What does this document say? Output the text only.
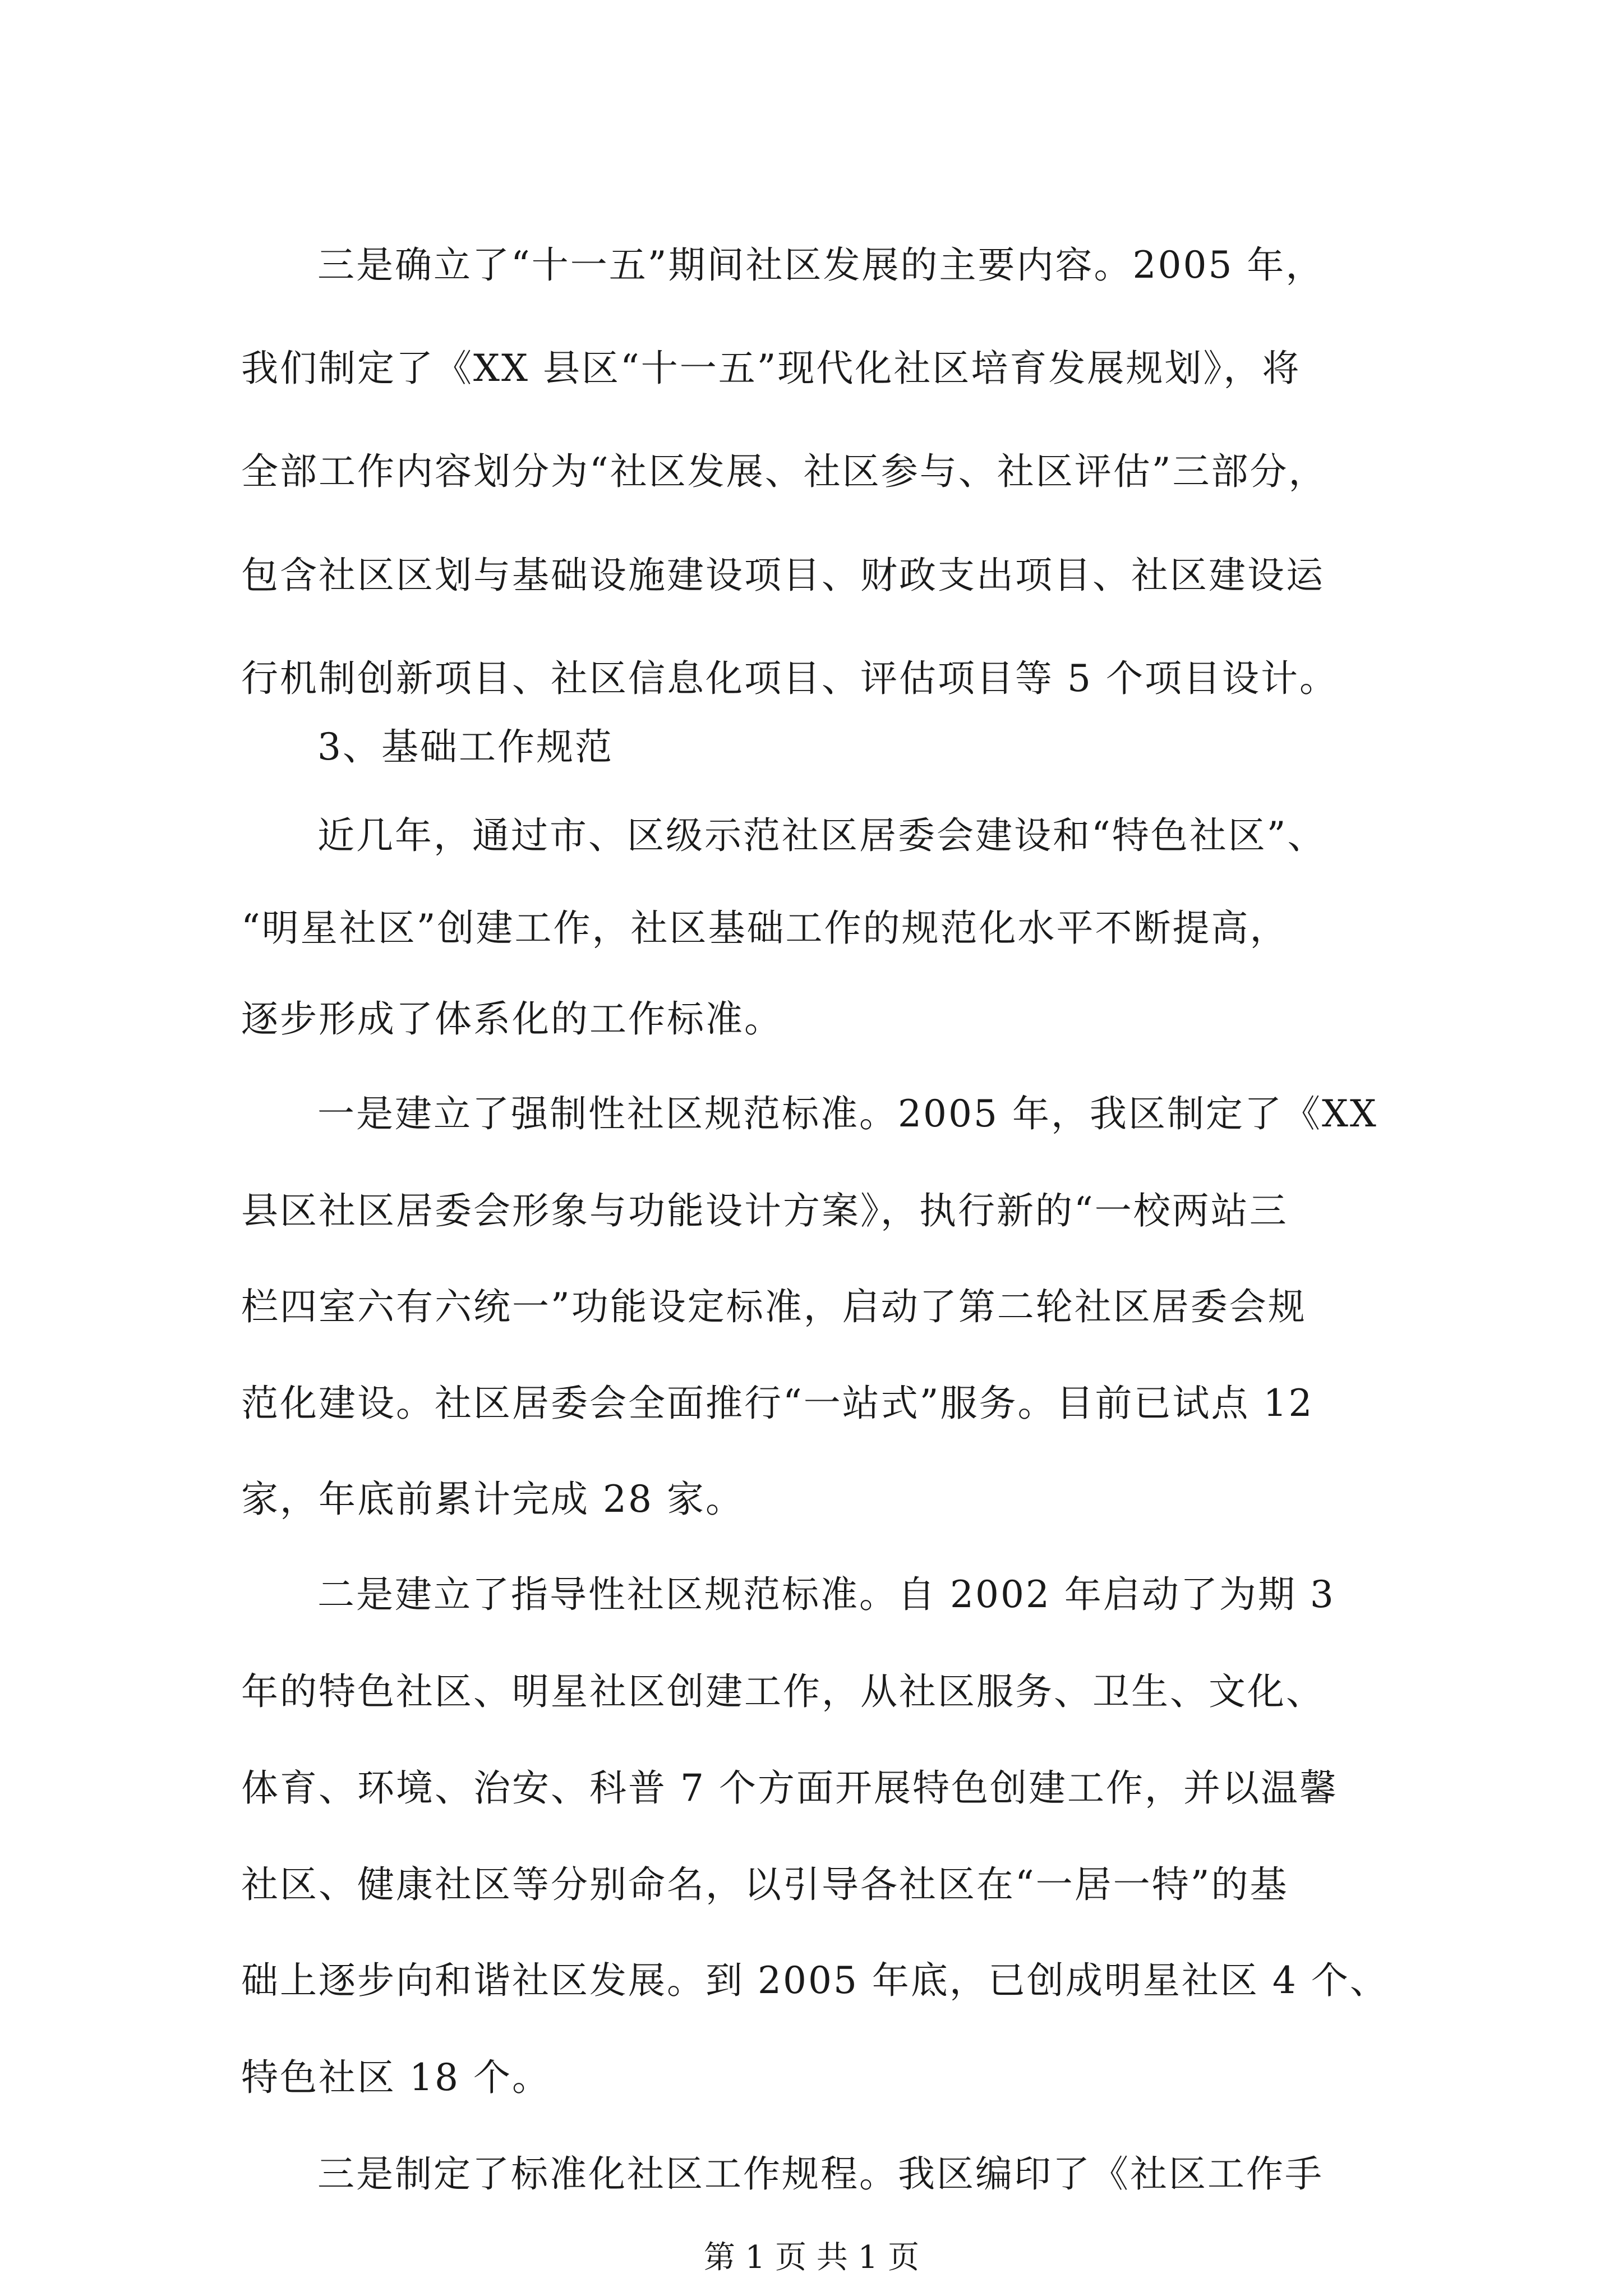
三是确立了“十一五”期间社区发展的主要内容。2005 年，
我们制定了《XX 县区“十一五”现代化社区培育发展规划》，将
全部工作内容划分为“社区发展、社区参与、社区评估”三部分，
包含社区区划与基础设施建设项目、财政支出项目、社区建设运
行机制创新项目、社区信息化项目、评估项目等 5 个项目设计。
3、基础工作规范
近几年，通过市、区级示范社区居委会建设和“特色社区”、
“明星社区”创建工作，社区基础工作的规范化水平不断提高，
逐步形成了体系化的工作标准。
一是建立了强制性社区规范标准。2005 年，我区制定了《XX
县区社区居委会形象与功能设计方案》，执行新的“一校两站三
栏四室六有六统一”功能设定标准，启动了第二轮社区居委会规
范化建设。社区居委会全面推行“一站式”服务。目前已试点 12
家，年底前累计完成 28 家。
二是建立了指导性社区规范标准。自 2002 年启动了为期 3
年的特色社区、明星社区创建工作，从社区服务、卫生、文化、
体育、环境、治安、科普 7 个方面开展特色创建工作，并以温馨
社区、健康社区等分别命名，以引导各社区在“一居一特”的基
础上逐步向和谐社区发展。到 2005 年底，已创成明星社区 4 个、
特色社区 18 个。
三是制定了标准化社区工作规程。我区编印了《社区工作手
第 1 页 共 1 页
